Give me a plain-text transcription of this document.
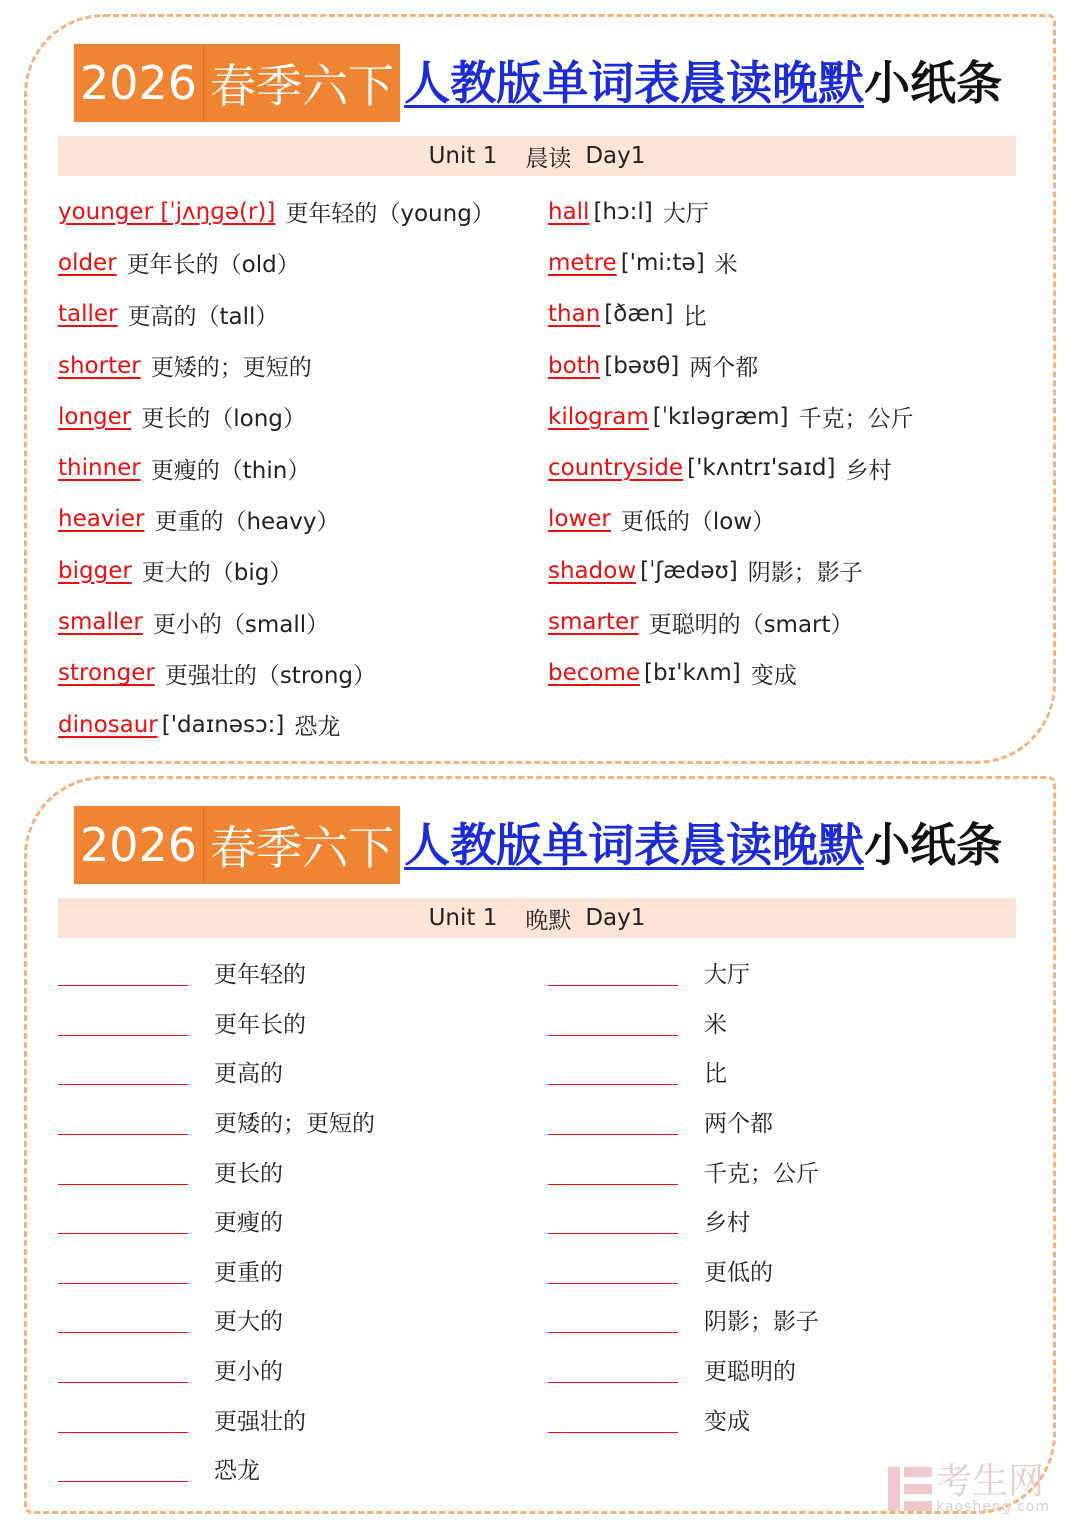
2026 春季六下 人教版单词表晨读晚默 小纸条
Unit 1 晨读 Day1
younger [ˈjʌŋɡə(r)] 更年轻的（young）
older 更年长的（old）
taller 更高的（tall）
shorter 更矮的；更短的
longer 更长的（long）
thinner 更瘦的（thin）
heavier 更重的（heavy）
bigger 更大的（big）
smaller 更小的（small）
stronger 更强壮的（strong）
dinosaur ['daɪnəsɔ:] 恐龙
hall [hɔ:l] 大厅
metre ['mi:tə] 米
than [ðæn] 比
both [bəʊθ] 两个都
kilogram [ˈkɪləɡræm] 千克；公斤
countryside ['kʌntrɪ'saɪd] 乡村
lower 更低的（low）
shadow [ˈʃædəʊ] 阴影；影子
smarter 更聪明的（smart）
become [bɪ'kʌm] 变成
2026 春季六下 人教版单词表晨读晚默 小纸条
Unit 1 晚默 Day1
更年轻的
更年长的
更高的
更矮的；更短的
更长的
更瘦的
更重的
更大的
更小的
更强壮的
恐龙
大厅
米
比
两个都
千克；公斤
乡村
更低的
阴影；影子
更聪明的
变成
考生网
kaosheng.com
